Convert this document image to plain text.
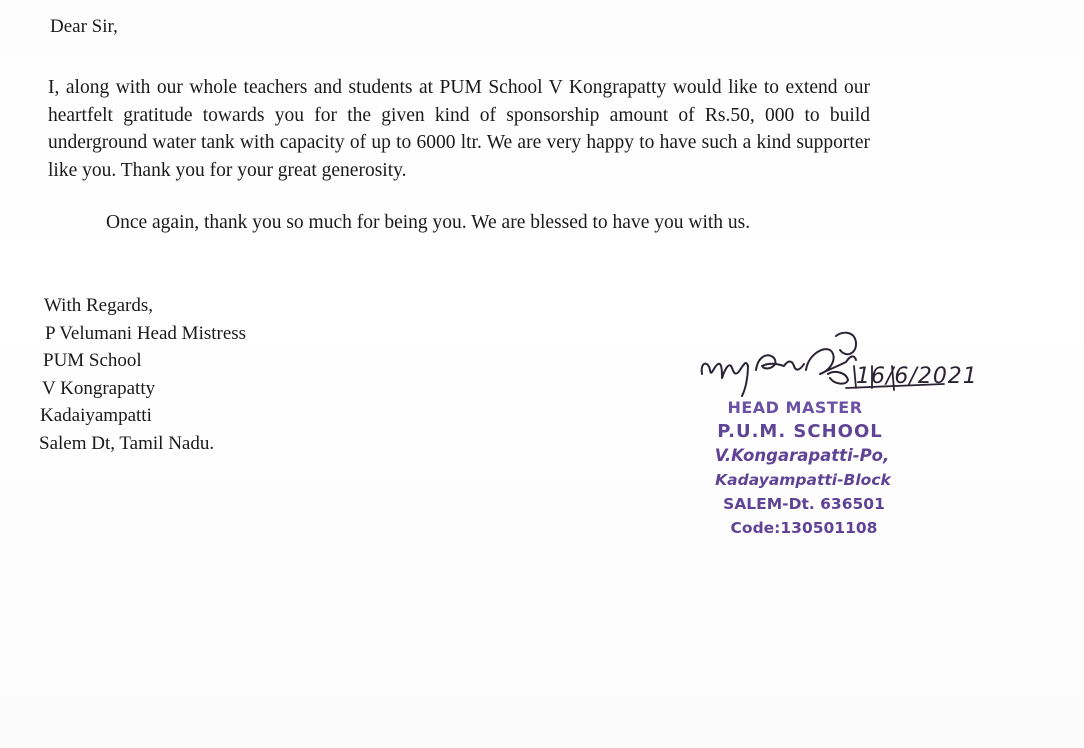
Dear Sir,

I, along with our whole teachers and students at PUM School V Kongrapatty would like to extend our heartfelt gratitude towards you for the given kind of sponsorship amount of Rs.50, 000 to build underground water tank with capacity of up to 6000 ltr. We are very happy to have such a kind supporter like you. Thank you for your great generosity.

Once again, thank you so much for being you. We are blessed to have you with us.

With Regards,
P Velumani Head Mistress
PUM School
V Kongrapatty
Kadaiyampatti
Salem Dt, Tamil Nadu.
16/6/2021
HEAD MASTER
P.U.M. SCHOOL
V.Kongarapatti-Po,
Kadayampatti-Block
SALEM-Dt. 636501
Code:130501108
